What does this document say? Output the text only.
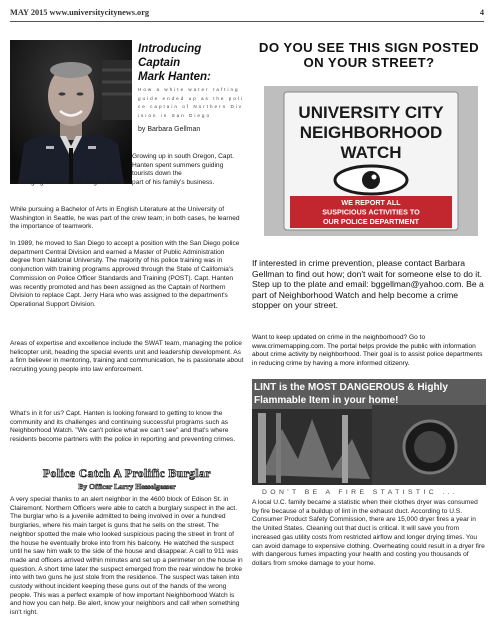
MAY 2015 www.universitycitynews.org	4
Introducing Captain
Mark Hanten:
How a white water rafting guide ended up as the police captain of Northern Division in San Diego
by Barbara Gellman
Growing up in south Oregon, Capt. Hanten spent summers guiding tourists down the
challenging waters of the Rogue River as part of his family's business.
While pursuing a Bachelor of Arts in English Literature at the University of Washington in Seattle, he was part of the crew team; in both cases, he learned the importance of teamwork.
In 1989, he moved to San Diego to accept a position with the San Diego police department Central Division and earned a Master of Public Administration degree from National University. The majority of his police training was in conjunction with training programs approved through the State of California's Commission on Police Officer Standards and Training (POST). Capt. Hanten was recently promoted and has been assigned as the Captain of Northern Division to replace Capt. Jerry Hara who was assigned to the department's Operational Support Division.
Areas of expertise and excellence include the SWAT team, managing the police helicopter unit, heading the special events unit and leadership development. As a firm believer in mentoring, training and communication, he is passionate about recruiting young people into law enforcement.
What's in it for us? Capt. Hanten is looking forward to getting to know the community and its challenges and continuing successful programs such as Neighborhood Watch. "We can't police what we can't see" and that's where residents become partners with the police in reporting and preventing crimes.
Police Catch A Prolific Burglar
By Officer Larry Hesselgesser
A very special thanks to an alert neighbor in the 4600 block of Edison St. in Clairemont. Northern Officers were able to catch a burglary suspect in the act. The burglar who is a juvenile admitted to being involved in over a hundred burglaries, where his main target is guns that he sells on the street. The neighbor spotted the male who looked suspicious pacing the street in front of the house he eventually broke into from his balcony. He watched the suspect until he saw him walk to the side of the house and disappear. A call to 911 was made and officers arrived within minutes and set up a perimeter on the house in question. A short time later the suspect emerged from the rear window he broke into with two guns he just stole from the residence. The suspect was taken into custody without incident keeping these guns out of the hands of the wrong people. This was a perfect example of how important Neighborhood Watch is and how you can help. Be alert, know your neighbors and call when something isn't right.
DO YOU SEE THIS SIGN POSTED ON YOUR STREET?
UNIVERSITY CITY
NEIGHBORHOOD
WATCH
WE REPORT ALL
SUSPICIOUS ACTIVITIES TO
OUR POLICE DEPARTMENT
If interested in crime prevention, please contact Barbara Gellman to find out how; don't wait for someone else to do it. Step up to the plate and email: bggellman@yahoo.com. Be a part of Neighborhood Watch and help become a crime stopper on your street.
Want to keep updated on crime in the neighborhood? Go to www.crimemapping.com. The portal helps provide the public with information about crime activity by neighborhood. Their goal is to assist police departments in reducing crime by having a more informed citizenry.
LINT is the MOST DANGEROUS & Highly Flammable Item in your home!
DON'T BE A FIRE STATISTIC ...
A local U.C. family became a statistic when their clothes dryer was consumed by fire because of a buildup of lint in the exhaust duct. According to U.S. Consumer Product Safety Commission, there are 15,000 dryer fires a year in the United States. Cleaning out that duct is critical. It will save you from increased gas utility costs from restricted airflow and longer drying times. You can avoid damage to expensive clothing. Overheating could result in a dryer fire with dangerous fumes impacting your health and costing you thousands of dollars from smoke damage to your home.
